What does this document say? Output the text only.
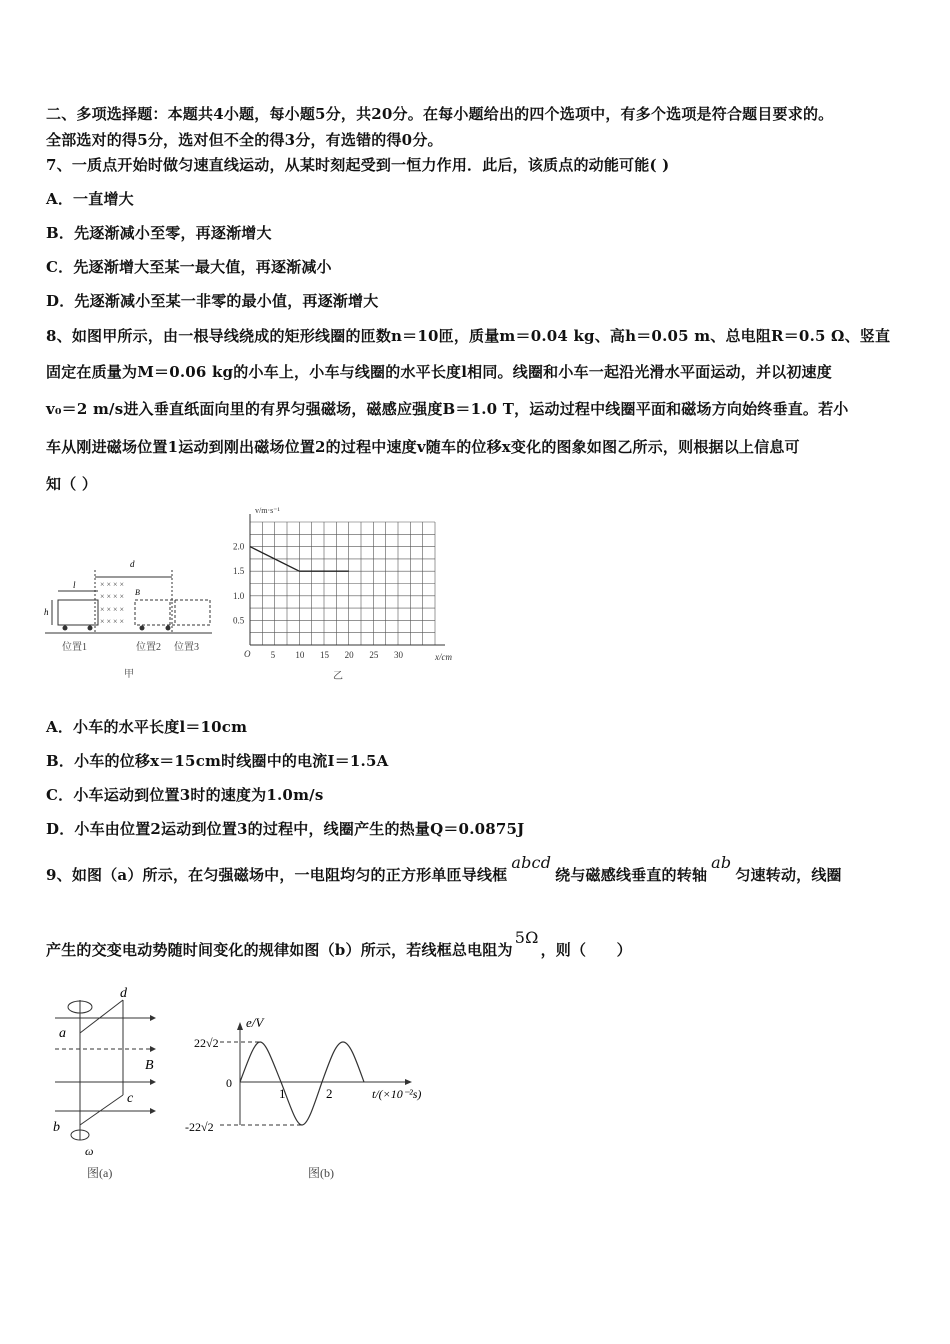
二、多项选择题：本题共4小题，每小题5分，共20分。在每小题给出的四个选项中，有多个选项是符合题目要求的。
全部选对的得5分，选对但不全的得3分，有选错的得0分。
7、一质点开始时做匀速直线运动，从某时刻起受到一恒力作用．此后，该质点的动能可能( )
A．一直增大
B．先逐渐减小至零，再逐渐增大
C．先逐渐增大至某一最大值，再逐渐减小
D．先逐渐减小至某一非零的最小值，再逐渐增大
8、如图甲所示，由一根导线绕成的矩形线圈的匝数n＝10匝，质量m＝0.04 kg、高h＝0.05 m、总电阻R＝0.5 Ω、竖直
固定在质量为M＝0.06 kg的小车上，小车与线圈的水平长度l相同。线圈和小车一起沿光滑水平面运动，并以初速度
v₀＝2 m/s进入垂直纸面向里的有界匀强磁场，磁感应强度B＝1.0 T，运动过程中线圈平面和磁场方向始终垂直。若小
车从刚进磁场位置1运动到刚出磁场位置2的过程中速度v随车的位移x变化的图象如图乙所示，则根据以上信息可
知（ ）
× × × ×
× × × ×
× × × ×
× × × ×
l
d
h
B
位置1	位置2 位置3
甲
5 10 15 20 25 30
0.5
1.0
1.5
2.0
v/m·s⁻¹
x/cm
O
乙
A．小车的水平长度l＝10cm
B．小车的位移x＝15cm时线圈中的电流I＝1.5A
C．小车运动到位置3时的速度为1.0m/s
D．小车由位置2运动到位置3的过程中，线圈产生的热量Q＝0.0875J
9、如图（a）所示，在匀强磁场中，一电阻均匀的正方形单匝导线框abcd绕与磁感线垂直的转轴ab匀速转动，线圈
产生的交变电动势随时间变化的规律如图（b）所示，若线框总电阻为5Ω，则（　　）
d
a
B
c
b
ω
图(a)
e/V
22√2
0
-22√2
1	2	t/(×10⁻²s)
图(b)
